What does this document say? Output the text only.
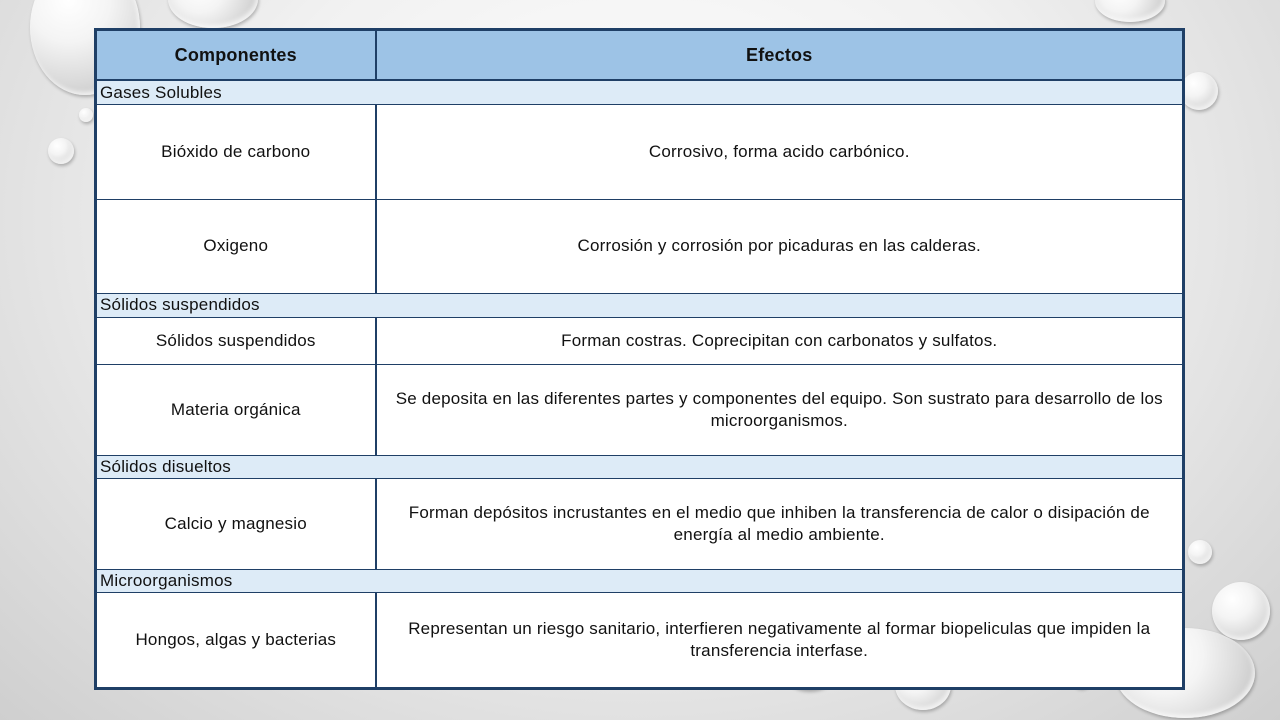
Componentes	Efectos
Gases Solubles	
Bióxido de carbono	Corrosivo, forma acido carbónico.
Oxigeno	Corrosión y corrosión por picaduras en las calderas.
Sólidos suspendidos	
Sólidos suspendidos	Forman costras. Coprecipitan con carbonatos y sulfatos.
Materia orgánica	Se deposita en las diferentes partes y componentes del equipo. Son sustrato para desarrollo de los microorganismos.
Sólidos disueltos	
Calcio y magnesio	Forman depósitos incrustantes en el medio que inhiben la transferencia de calor o disipación de energía al medio ambiente.
Microorganismos	
Hongos, algas y bacterias	Representan un riesgo sanitario, interfieren negativamente al formar biopeliculas que impiden la transferencia interfase.
